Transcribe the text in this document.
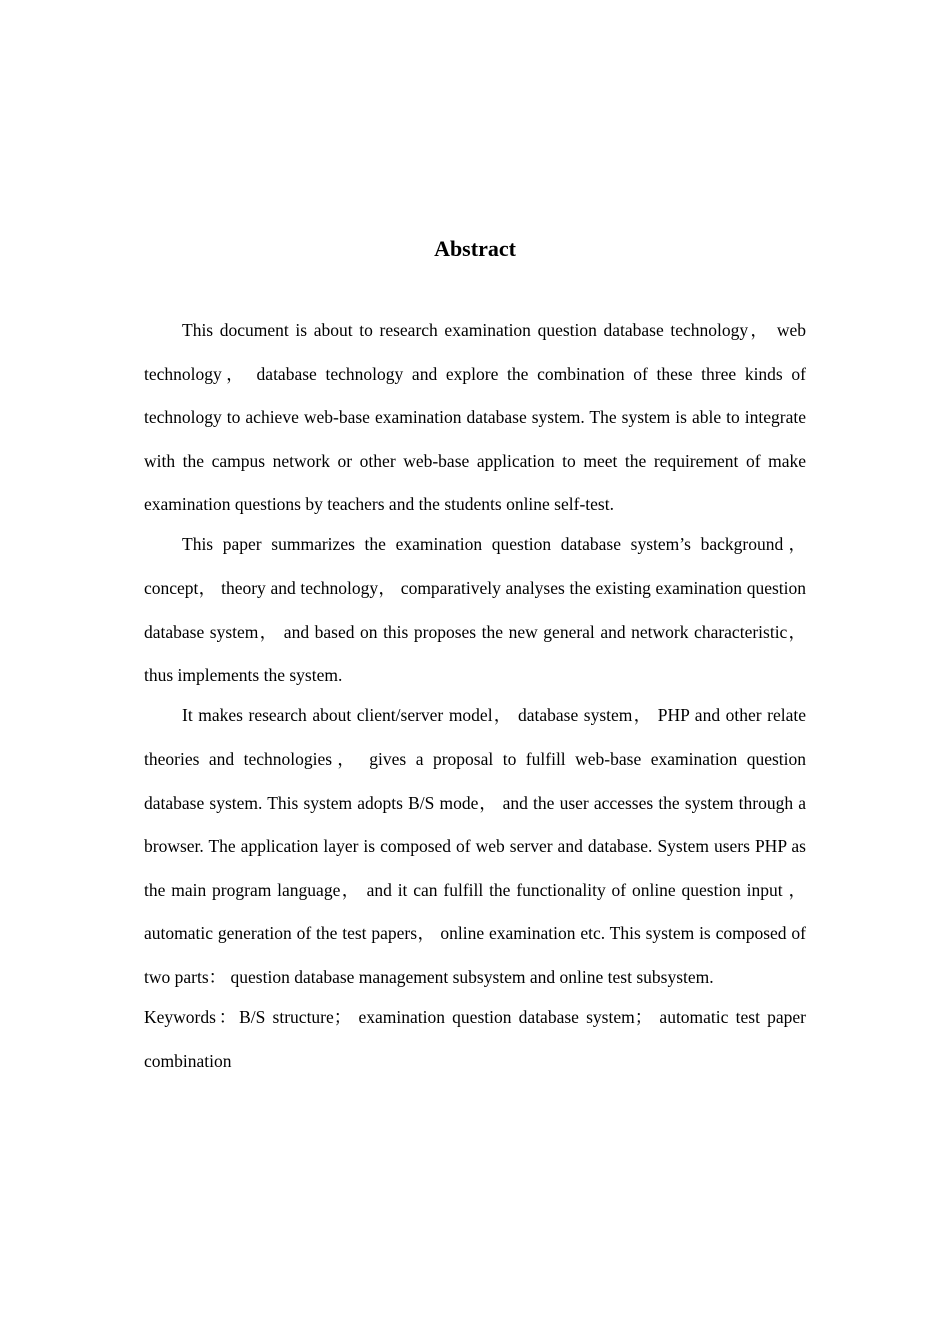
Abstract

This document is about to research examination question database technology， web technology， database technology and explore the combination of these three kinds of technology to achieve web-base examination database system. The system is able to integrate with the campus network or other web-base application to meet the requirement of make examination questions by teachers and the students online self-test.

This paper summarizes the examination question database system’s background， concept， theory and technology， comparatively analyses the existing examination question database system， and based on this proposes the new general and network characteristic， thus implements the system.

It makes research about client/server model， database system， PHP and other relate theories and technologies， gives a proposal to fulfill web-base examination question database system. This system adopts B/S mode， and the user accesses the system through a browser. The application layer is composed of web server and database. System users PHP as the main program language， and it can fulfill the functionality of online question input ， automatic generation of the test papers， online examination etc. This system is composed of two parts： question database management subsystem and online test subsystem.

Keywords：B/S structure； examination question database system； automatic test paper combination
